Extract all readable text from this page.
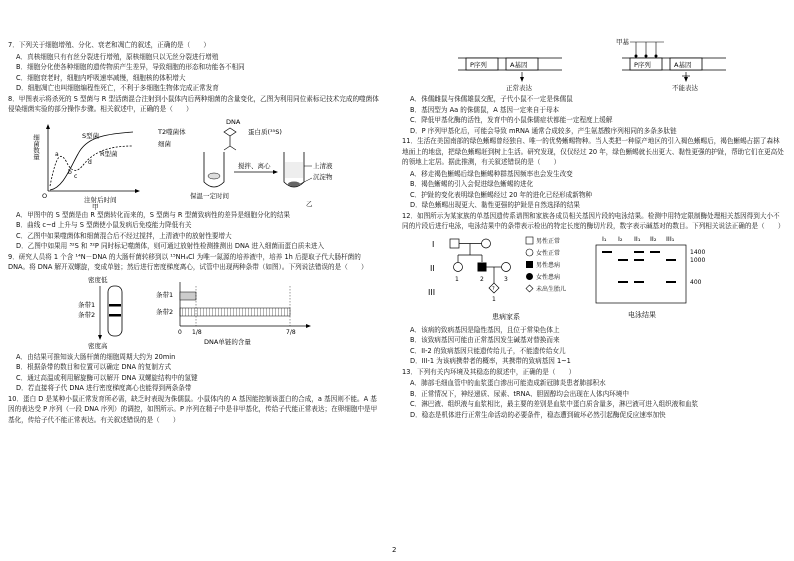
7．下列关于细胞增殖、分化、衰老和凋亡的叙述，正确的是（　　）
A．真核细胞只有有丝分裂进行增殖，原核细胞只以无丝分裂进行增殖
B．细胞分化使各种细胞的遗传物质产生差异，导致细胞的形态和功能各不相同
C．细胞衰老时，细胞内呼吸速率减慢，细胞核的体积增大
D．细胞凋亡也叫细胞编程性死亡，不利于多细胞生物体完成正常发育
8．甲图表示将杀死的 S 型菌与 R 型活菌混合注射到小鼠体内后两种细菌的含量变化，乙图为利用同位素标记技术完成的噬菌体侵染细菌实验的部分操作步骤。相关叙述中，正确的是（　　）
细菌数量
O
S型菌
R型菌
a
b
c
d
注射后时间
甲
DNA
T2噬菌体	蛋白质(³⁵S)
细菌
保温一定时间
搅拌、离心	上清液
沉淀物
乙
A．甲图中的 S 型菌是由 R 型菌转化而来的，S 型菌与 R 型菌致病性的差异是细胞分化的结果
B．曲线 c~d 上升与 S 型菌使小鼠发病后免疫能力降低有关
C．乙图中如果噬菌体和细菌混合后不经过搅拌，上清液中的放射性要增大
D．乙图中如果用 ³²S 和 ³²P 同时标记噬菌体，则可通过放射性检测推测出 DNA 进入细菌而蛋白质未进入
9．研究人员将 1 个含 ¹⁴N－DNA 的大肠杆菌转移到以 ¹⁵NH₄Cl 为唯一氮源的培养液中，培养 1h 后提取子代大肠杆菌的 DNA。将 DNA 解开双螺旋，变成单链；然后进行密度梯度离心，试管中出现两种条带（如图）。下列说法错误的是（　　）
密度低
条带1
条带2
密度高
条带1
条带2
0 1/8	7/8
DNA单链的含量
A．由结果可推知该大肠杆菌的细胞周期大约为 20min
B．根据条带的数目和位置可以确定 DNA 的复制方式
C．通过高温或利用解旋酶可以解开 DNA 双螺旋结构中的氢键
D．若直接将子代 DNA 进行密度梯度离心也能得到两条条带
10．蛋白 D 是某种小鼠正常发育所必需，缺乏时表现为侏儒鼠。小鼠体内的 A 基因能控制该蛋白的合成，a 基因则不能。A 基因的表达受 P 序列（一段 DNA 序列）的调控，如图所示。P 序列在精子中是非甲基化，传给子代能正常表达；在卵细胞中是甲基化，传给子代不能正常表达。有关叙述错误的是（　　）
P序列	A基因
正常表达
P序列	A基因
甲基
不能表达
A．侏儒雌鼠与侏儒雄鼠交配，子代小鼠不一定是侏儒鼠
B．基因型为 Aa 的侏儒鼠，A 基因一定来自于母本
C．降低甲基化酶的活性，发育中的小鼠侏儒症状都能一定程度上缓解
D．P 序列甲基化后，可能会导致 mRNA 通常合成较多，产生氨基酸序列相同的多条多肽链
11．生活在美国南部的绿色蜥蜴曾经独自、唯一的优势蜥蜴物种。当人类把一种原产地区的引入褐色蜥蜴后，褐色蜥蜴占据了森林地面上的地盘，把绿色蜥蜴赶到树上生活。研究发现，仅仅经过 20 年，绿色蜥蜴就长出更大、黏性更强的护趾，帮助它们在更高处的领地上定居。据此推测，有关叙述错误的是（　　）
A．移走褐色蜥蜴后绿色蜥蜴种群基因频率也会发生改变
B．褐色蜥蜴的引入会促进绿色蜥蜴的进化
C．护趾的变化表明绿色蜥蜴经过 20 年的进化已经形成新物种
D．绿色蜥蜴出现更大、黏性更强的护趾是自然选择的结果
12．如图所示为某家族的单基因遗传系谱图和家族各成员相关基因片段的电泳结果。检测中用特定限制酶处理相关基因得到大小不同的片段后进行电泳，电泳结果中的条带表示检出的特定长度的酶切片段，数字表示碱基对的数目。下列相关说法正确的是（　　）
I
II
III	?
1	2	3
1
男性正常
女性正常
男性患病
女性患病
未出生胎儿
患病家系
I₁ I₂ II₁ II₂ III₁
1400
1000
400
电泳结果
A．该病的致病基因是隐性基因，且位于常染色体上
B．该致病基因可能由正常基因发生碱基对替换而来
C．II-2 的致病基因只能遗传给儿子，不能遗传给女儿
D．III-1 为该病携带者的概率，其携带的致病基因 1~1
13．下列有关内环境及其稳态的叙述中，正确的是（　　）
A．肺部毛细血管中的血浆蛋白渗出可能造成新冠肺炎患者肺部积水
B．正常情况下，神经递质、尿素、tRNA、胆固醇均会出现在人体内环境中
C．淋巴液、组织液与血浆相比，最主要的差别是血浆中蛋白质含量多，淋巴液可进入组织液和血浆
D．稳态是机体进行正常生命活动的必要条件，稳态遭到破坏必然引起酶促反应速率加快
2
